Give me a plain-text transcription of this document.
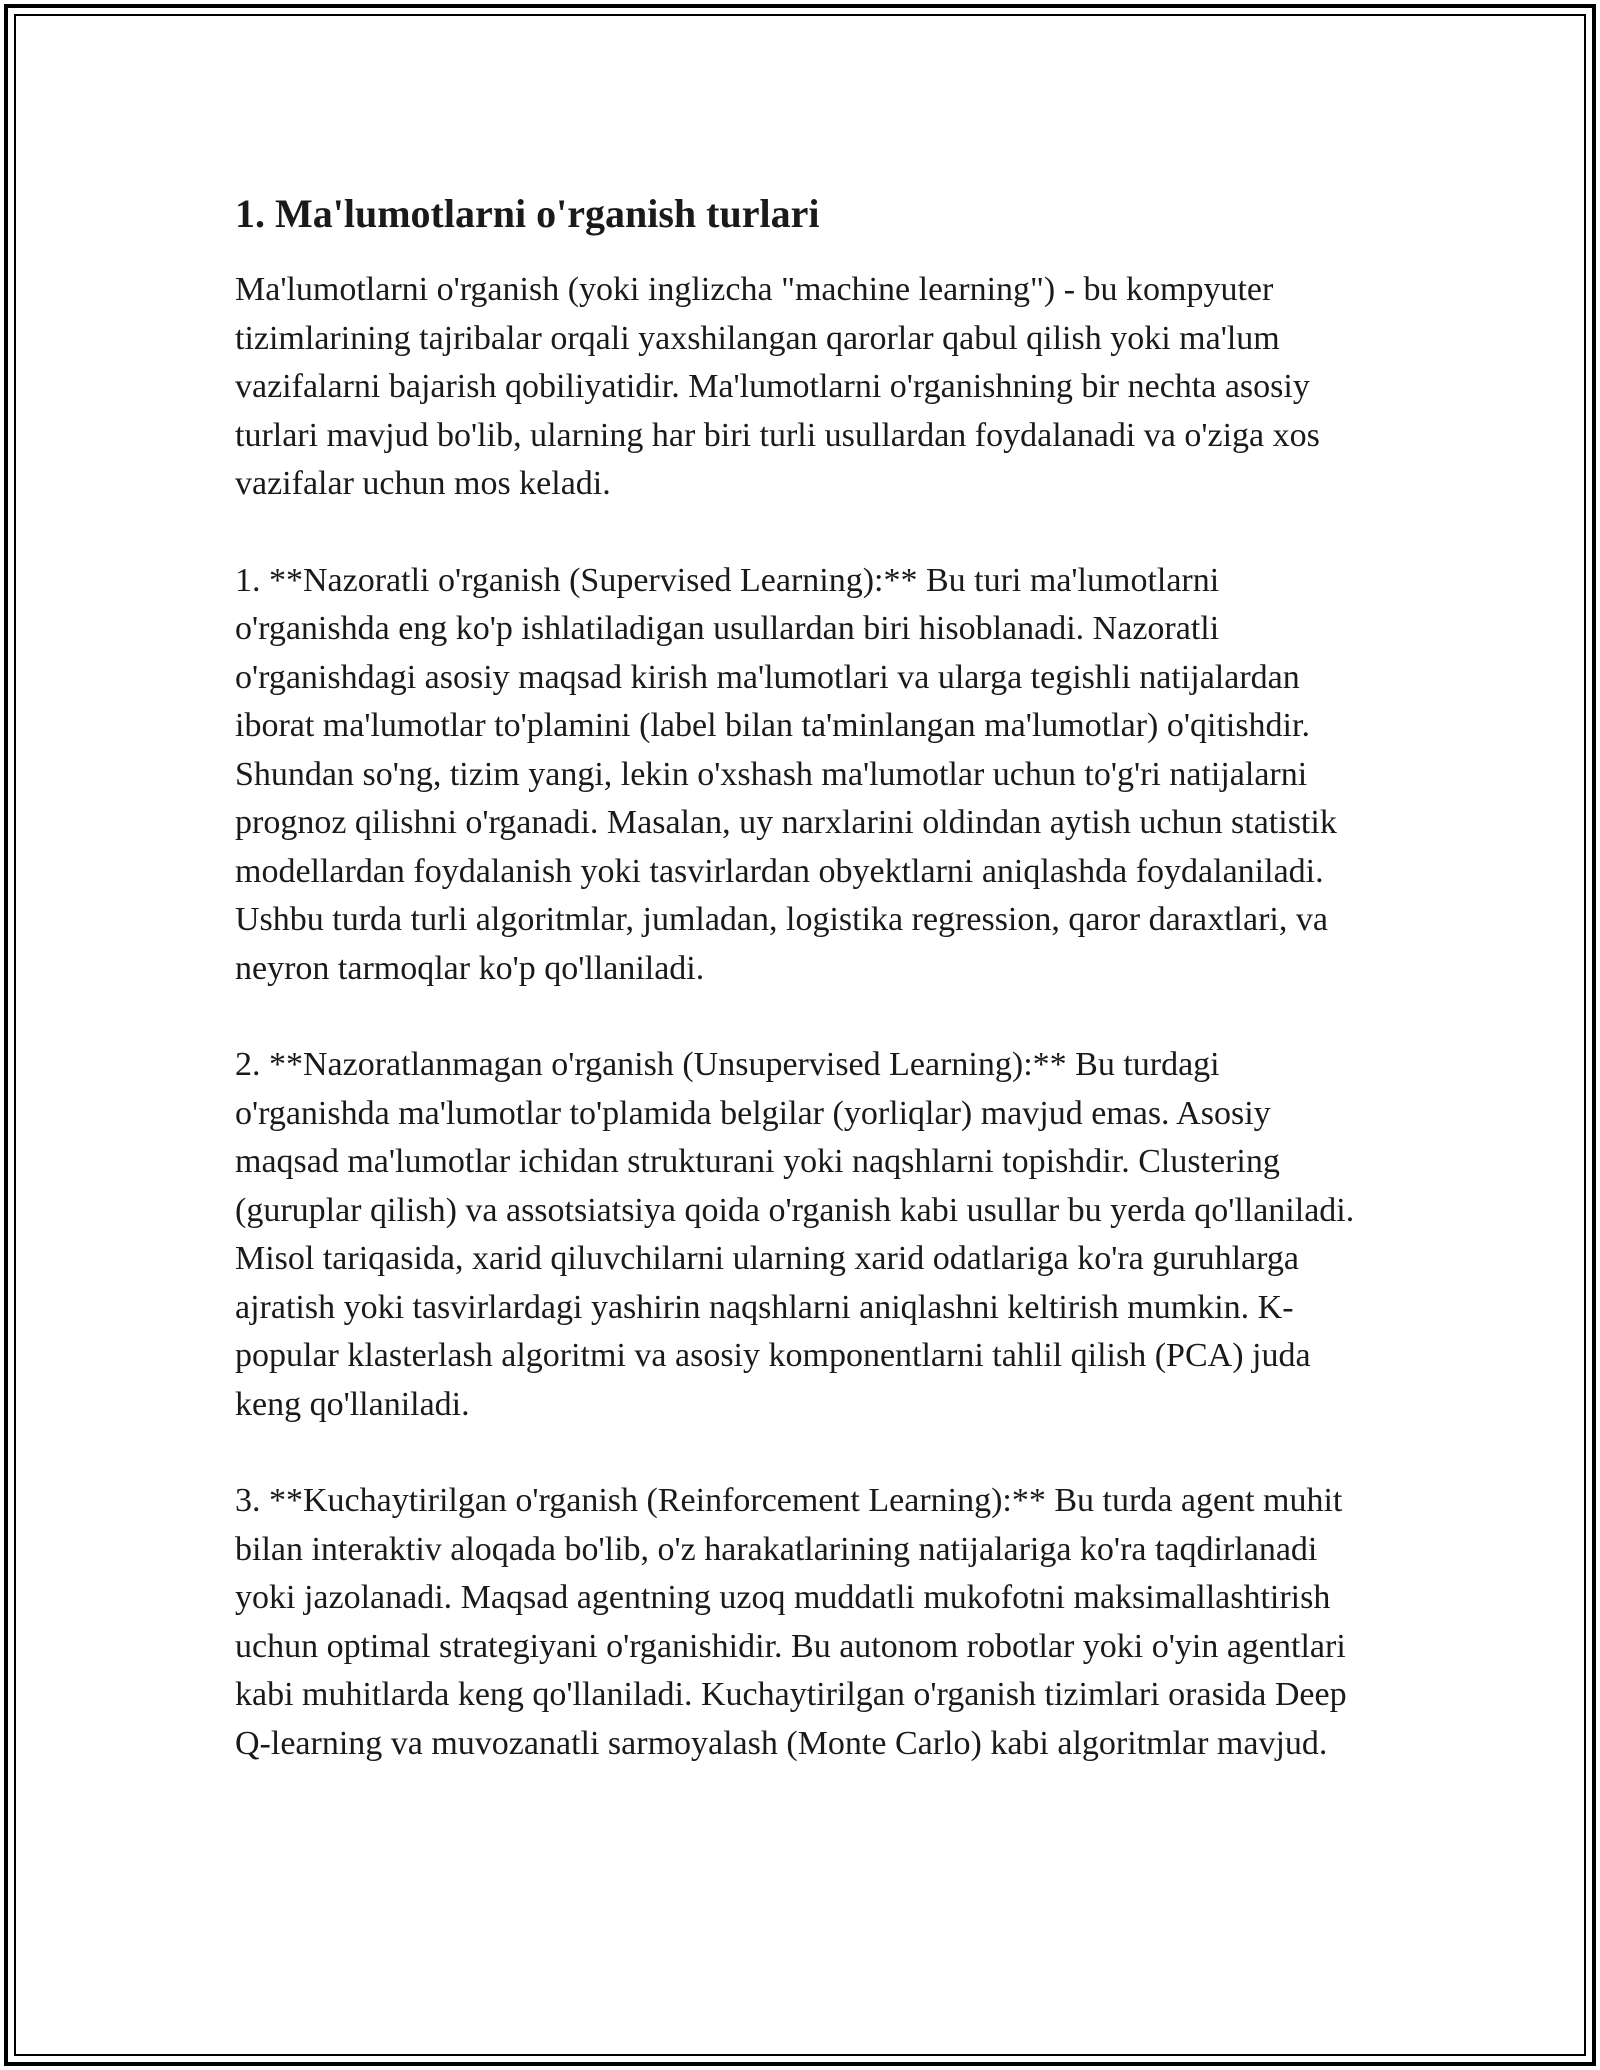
1. Ma'lumotlarni o'rganish turlari

Ma'lumotlarni o'rganish (yoki inglizcha "machine learning") - bu kompyuter tizimlarining tajribalar orqali yaxshilangan qarorlar qabul qilish yoki ma'lum vazifalarni bajarish qobiliyatidir. Ma'lumotlarni o'rganishning bir nechta asosiy turlari mavjud bo'lib, ularning har biri turli usullardan foydalanadi va o'ziga xos vazifalar uchun mos keladi.

1. **Nazoratli o'rganish (Supervised Learning):** Bu turi ma'lumotlarni o'rganishda eng ko'p ishlatiladigan usullardan biri hisoblanadi. Nazoratli o'rganishdagi asosiy maqsad kirish ma'lumotlari va ularga tegishli natijalardan iborat ma'lumotlar to'plamini (label bilan ta'minlangan ma'lumotlar) o'qitishdir. Shundan so'ng, tizim yangi, lekin o'xshash ma'lumotlar uchun to'g'ri natijalarni prognoz qilishni o'rganadi. Masalan, uy narxlarini oldindan aytish uchun statistik modellardan foydalanish yoki tasvirlardan obyektlarni aniqlashda foydalaniladi. Ushbu turda turli algoritmlar, jumladan, logistika regression, qaror daraxtlari, va neyron tarmoqlar ko'p qo'llaniladi.

2. **Nazoratlanmagan o'rganish (Unsupervised Learning):** Bu turdagi o'rganishda ma'lumotlar to'plamida belgilar (yorliqlar) mavjud emas. Asosiy maqsad ma'lumotlar ichidan strukturani yoki naqshlarni topishdir. Clustering (guruplar qilish) va assotsiatsiya qoida o'rganish kabi usullar bu yerda qo'llaniladi. Misol tariqasida, xarid qiluvchilarni ularning xarid odatlariga ko'ra guruhlarga ajratish yoki tasvirlardagi yashirin naqshlarni aniqlashni keltirish mumkin. K-popular klasterlash algoritmi va asosiy komponentlarni tahlil qilish (PCA) juda keng qo'llaniladi.

3. **Kuchaytirilgan o'rganish (Reinforcement Learning):** Bu turda agent muhit bilan interaktiv aloqada bo'lib, o'z harakatlarining natijalariga ko'ra taqdirlanadi yoki jazolanadi. Maqsad agentning uzoq muddatli mukofotni maksimallashtirish uchun optimal strategiyani o'rganishidir. Bu autonom robotlar yoki o'yin agentlari kabi muhitlarda keng qo'llaniladi. Kuchaytirilgan o'rganish tizimlari orasida Deep Q-learning va muvozanatli sarmoyalash (Monte Carlo) kabi algoritmlar mavjud.
